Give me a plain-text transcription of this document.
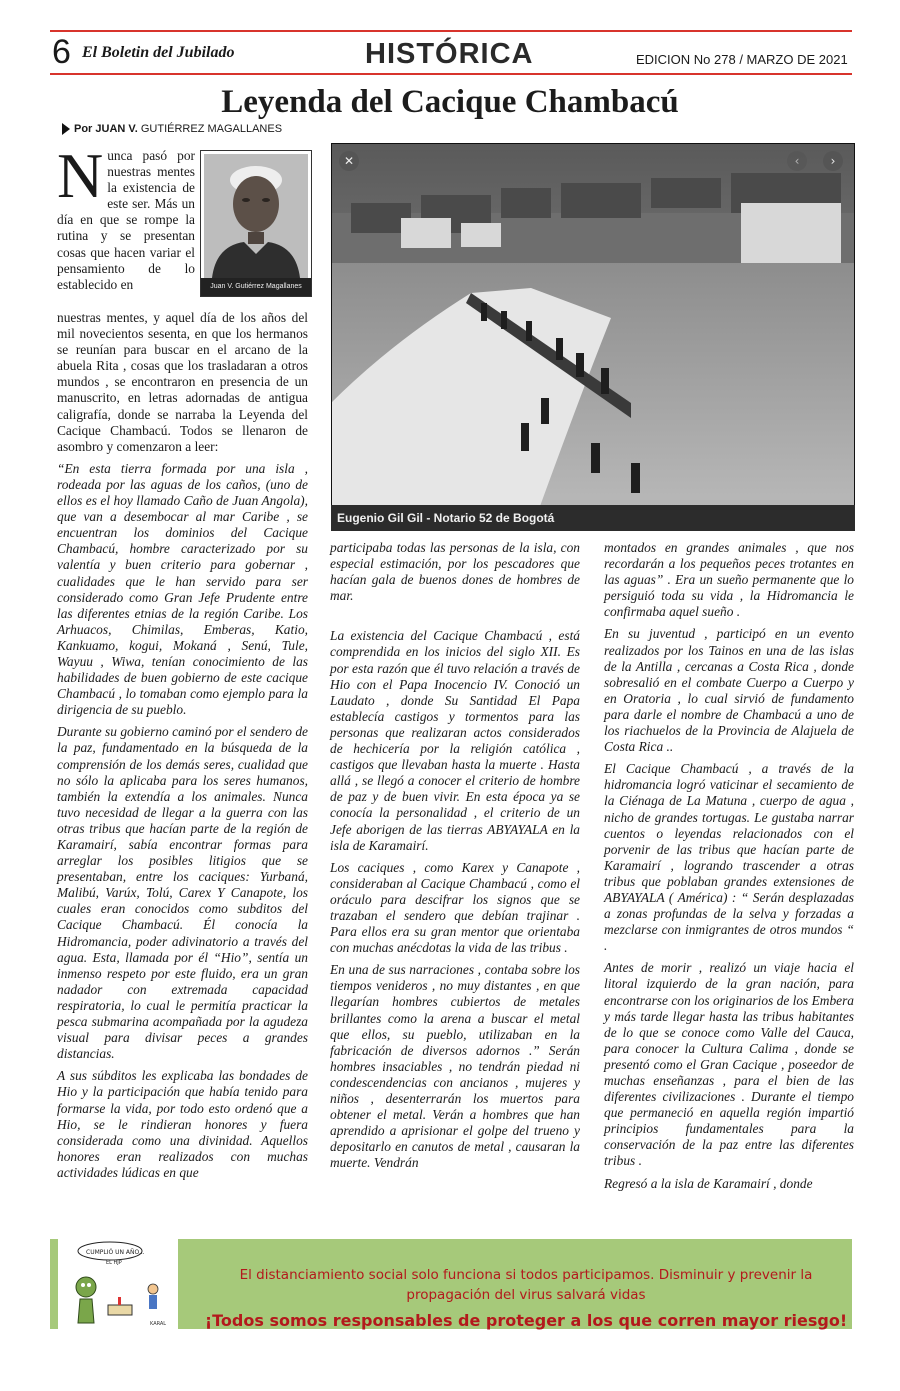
6 El Boletin del Jubilado	HISTÓRICA	EDICION No 278 / MARZO DE 2021
Leyenda del Cacique Chambacú
Por JUAN V. GUTIÉRREZ MAGALLANES
Juan V. Gutiérrez Magallanes
Nunca pasó por nuestras mentes la existencia de este ser. Más un día en que se rompe la rutina y se presentan cosas que hacen variar el pensamiento de lo establecido en

nuestras mentes, y aquel día de los años del mil novecientos sesenta, en que los hermanos se reunían para buscar en el arcano de la abuela Rita , cosas que los trasladaran a otros mundos , se encontraron en presencia de un manuscrito, en letras adornadas de antigua caligrafía, donde se narraba la Leyenda del Cacique Chambacú. Todos se llenaron de asombro y comenzaron a leer:

“En esta tierra formada por una isla , rodeada por las aguas de los caños, (uno de ellos es el hoy llamado Caño de Juan Angola), que van a desembocar al mar Caribe , se encuentran los dominios del Cacique Chambacú, hombre caracterizado por su valentía y buen criterio para gobernar , cualidades que le han servido para ser considerado como Gran Jefe Prudente entre las diferentes etnias de la región Caribe. Los Arhuacos, Chimilas, Emberas, Katio, Kankuamo, kogui, Mokaná , Senú, Tule, Wayuu , Wiwa, tenían conocimiento de las habilidades de buen gobierno de este cacique Chambacú , lo tomaban como ejemplo para la dirigencia de su pueblo.

Durante su gobierno caminó por el sendero de la paz, fundamentado en la búsqueda de la comprensión de los demás seres, cualidad que no sólo la aplicaba para los seres humanos, también la extendía a los animales. Nunca tuvo necesidad de llegar a la guerra con las otras tribus que hacían parte de la región de Karamairí, sabía encontrar formas para arreglar los posibles litigios que se presentaban, entre los caciques: Yurbaná, Malibú, Varúx, Tolú, Carex Y Canapote, los cuales eran conocidos como subditos del Cacique Chambacú. Él conocía la Hidromancia, poder adivinatorio a través del agua. Esta, llamada por él “Hio”, sentía un inmenso respeto por este fluido, era un gran nadador con extremada capacidad respiratoria, lo cual le permitía practicar la pesca submarina acompañada por la agudeza visual para divisar peces a grandes distancias.

A sus súbditos les explicaba las bondades de Hio y la participación que había tenido para formarse la vida, por todo esto ordenó que a Hio, se le rindieran honores y fuera considerada como una divinidad. Aquellos honores eran realizados con muchas actividades lúdicas en que

✕	‹	›
Eugenio Gil Gil - Notario 52 de Bogotá

participaba todas las personas de la isla, con especial estimación, por los pescadores que hacían gala de buenos dones de hombres de mar.

La existencia del Cacique Chambacú , está comprendida en los inicios del siglo XII. Es por esta razón que él tuvo relación a través de Hio con el Papa Inocencio IV. Conoció un Laudato , donde Su Santidad El Papa establecía castigos y tormentos para las personas que realizaran actos considerados de hechicería por la religión católica , castigos que llevaban hasta la muerte . Hasta allá , se llegó a conocer el criterio de hombre de paz y de buen vivir. En esta época ya se conocía la personalidad , el criterio de un Jefe aborigen de las tierras ABYAYALA en la isla de Karamairí.

Los caciques , como Karex y Canapote , consideraban al Cacique Chambacú , como el oráculo para descifrar los signos que se trazaban el sendero que debían trajinar . Para ellos era su gran mentor que orientaba con muchas anécdotas la vida de las tribus .

En una de sus narraciones , contaba sobre los tiempos venideros , no muy distantes , en que llegarían hombres cubiertos de metales brillantes como la arena a buscar el metal que ellos, su pueblo, utilizaban en la fabricación de diversos adornos .” Serán hombres insaciables , no tendrán piedad ni condescendencias con ancianos , mujeres y niños , desenterrarán los muertos para obtener el metal. Verán a hombres que han aprendido a aprisionar el golpe del trueno y depositarlo en canutos de metal , causaran la muerte. Vendrán

montados en grandes animales , que nos recordarán a los pequeños peces trotantes en las aguas” . Era un sueño permanente que lo persiguió toda su vida , la Hidromancia le confirmaba aquel sueño .

En su juventud , participó en un evento realizados por los Tainos en una de las islas de la Antilla , cercanas a Costa Rica , donde sobresalió en el combate Cuerpo a Cuerpo y en Oratoria , lo cual sirvió de fundamento para darle el nombre de Chambacú a uno de los riachuelos de la Provincia de Alajuela de Costa Rica ..

El Cacique Chambacú , a través de la hidromancia logró vaticinar el secamiento de la Ciénaga de La Matuna , cuerpo de agua , nicho de grandes tortugas. Le gustaba narrar cuentos o leyendas relacionados con el porvenir de las tribus que hacían parte de Karamairí , logrando trascender a otras tribus que poblaban grandes extensiones de ABYAYALA ( América) : “ Serán desplazadas a zonas profundas de la selva y forzadas a mezclarse con inmigrantes de otros mundos “ .

Antes de morir , realizó un viaje hacia el litoral izquierdo de la gran nación, para encontrarse con los originarios de los Embera y más tarde llegar hasta las tribus habitantes de lo que se conoce como Valle del Cauca, para conocer la Cultura Calima , donde se presentó como el Gran Cacique , poseedor de muchas enseñanzas , para el bien de las diferentes civilizaciones . Durante el tiempo que permaneció en aquella región impartió principios fundamentales para la conservación de la paz entre las diferentes tribus .

Regresó a la isla de Karamairí , donde

CUMPLIÓ UN AÑO...
EL HJP
KARAL
El distanciamiento social solo funciona si todos participamos. Disminuir y prevenir la propagación del virus salvará vidas
¡Todos somos responsables de proteger a los que corren mayor riesgo!
